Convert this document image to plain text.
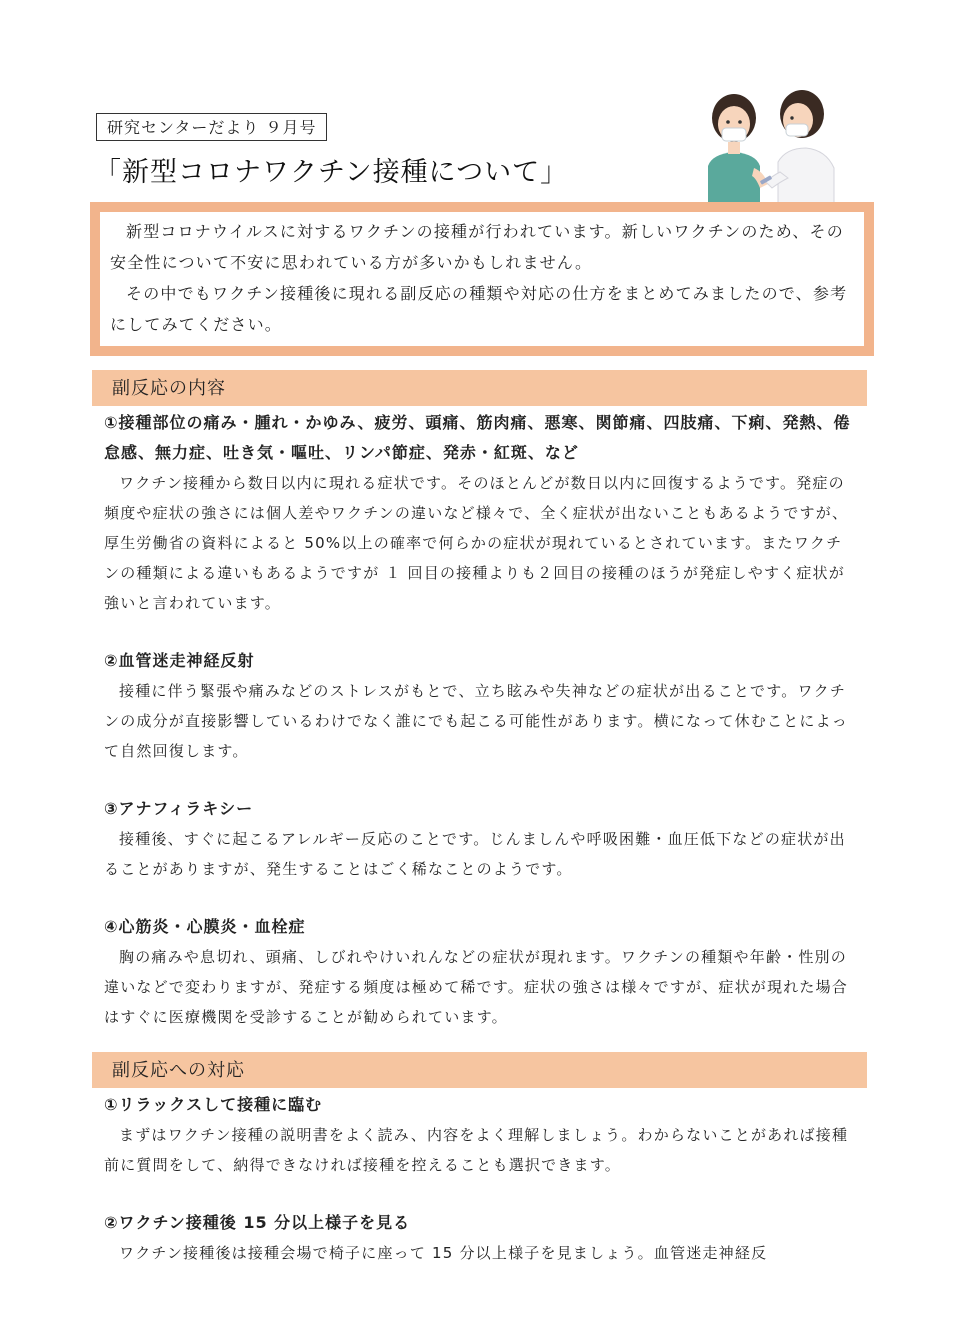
研究センターだより ９月号
「新型コロナワクチン接種について」

新型コロナウイルスに対するワクチンの接種が行われています。新しいワクチンのため、その安全性について不安に思われている方が多いかもしれません。

その中でもワクチン接種後に現れる副反応の種類や対応の仕方をまとめてみましたので、参考にしてみてください。

副反応の内容

①接種部位の痛み・腫れ・かゆみ、疲労、頭痛、筋肉痛、悪寒、関節痛、四肢痛、下痢、発熱、倦怠感、無力症、吐き気・嘔吐、リンパ節症、発赤・紅斑、など

ワクチン接種から数日以内に現れる症状です。そのほとんどが数日以内に回復するようです。発症の頻度や症状の強さには個人差やワクチンの違いなど様々で、全く症状が出ないこともあるようですが、厚生労働省の資料によると 50%以上の確率で何らかの症状が現れているとされています。またワクチンの種類による違いもあるようですが １ 回目の接種よりも２回目の接種のほうが発症しやすく症状が強いと言われています。

②血管迷走神経反射

接種に伴う緊張や痛みなどのストレスがもとで、立ち眩みや失神などの症状が出ることです。ワクチンの成分が直接影響しているわけでなく誰にでも起こる可能性があります。横になって休むことによって自然回復します。

③アナフィラキシー

接種後、すぐに起こるアレルギー反応のことです。じんましんや呼吸困難・血圧低下などの症状が出ることがありますが、発生することはごく稀なことのようです。

④心筋炎・心膜炎・血栓症

胸の痛みや息切れ、頭痛、しびれやけいれんなどの症状が現れます。ワクチンの種類や年齢・性別の違いなどで変わりますが、発症する頻度は極めて稀です。症状の強さは様々ですが、症状が現れた場合はすぐに医療機関を受診することが勧められています。

副反応への対応

①リラックスして接種に臨む

まずはワクチン接種の説明書をよく読み、内容をよく理解しましょう。わからないことがあれば接種前に質問をして、納得できなければ接種を控えることも選択できます。

②ワクチン接種後 15 分以上様子を見る

ワクチン接種後は接種会場で椅子に座って 15 分以上様子を見ましょう。血管迷走神経反
